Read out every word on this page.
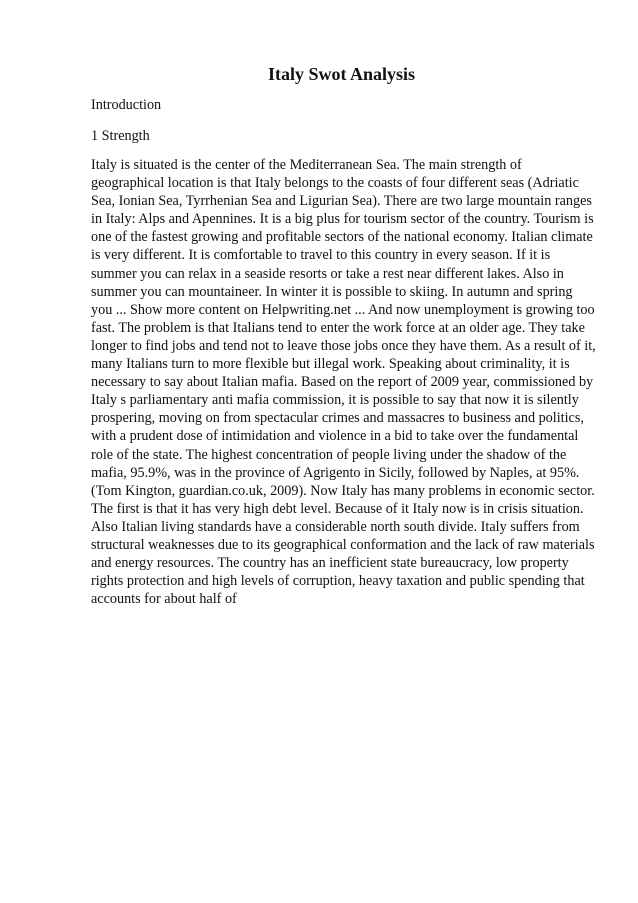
Italy Swot Analysis

Introduction

1 Strength

Italy is situated is the center of the Mediterranean Sea. The main strength of geographical location is that Italy belongs to the coasts of four different seas (Adriatic Sea, Ionian Sea, Tyrrhenian Sea and Ligurian Sea). There are two large mountain ranges in Italy: Alps and Apennines. It is a big plus for tourism sector of the country. Tourism is one of the fastest growing and profitable sectors of the national economy. Italian climate is very different. It is comfortable to travel to this country in every season. If it is summer you can relax in a seaside resorts or take a rest near different lakes. Also in summer you can mountaineer. In winter it is possible to skiing. In autumn and spring you ... Show more content on Helpwriting.net ... And now unemployment is growing too fast. The problem is that Italians tend to enter the work force at an older age. They take longer to find jobs and tend not to leave those jobs once they have them. As a result of it, many Italians turn to more flexible but illegal work. Speaking about criminality, it is necessary to say about Italian mafia. Based on the report of 2009 year, commissioned by Italy s parliamentary anti mafia commission, it is possible to say that now it is silently prospering, moving on from spectacular crimes and massacres to business and politics, with a prudent dose of intimidation and violence in a bid to take over the fundamental role of the state. The highest concentration of people living under the shadow of the mafia, 95.9%, was in the province of Agrigento in Sicily, followed by Naples, at 95%. (Tom Kington, guardian.co.uk, 2009). Now Italy has many problems in economic sector. The first is that it has very high debt level. Because of it Italy now is in crisis situation. Also Italian living standards have a considerable north south divide. Italy suffers from structural weaknesses due to its geographical conformation and the lack of raw materials and energy resources. The country has an inefficient state bureaucracy, low property rights protection and high levels of corruption, heavy taxation and public spending that accounts for about half of
